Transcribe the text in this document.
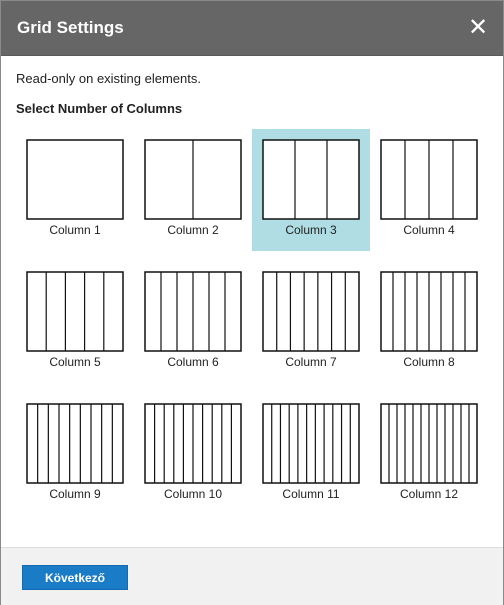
Grid Settings	✕
Read-only on existing elements.
Select Number of Columns
Column 1	Column 2	Column 3	Column 4
Column 5	Column 6	Column 7	Column 8
Column 9	Column 10	Column 11	Column 12
Következő
